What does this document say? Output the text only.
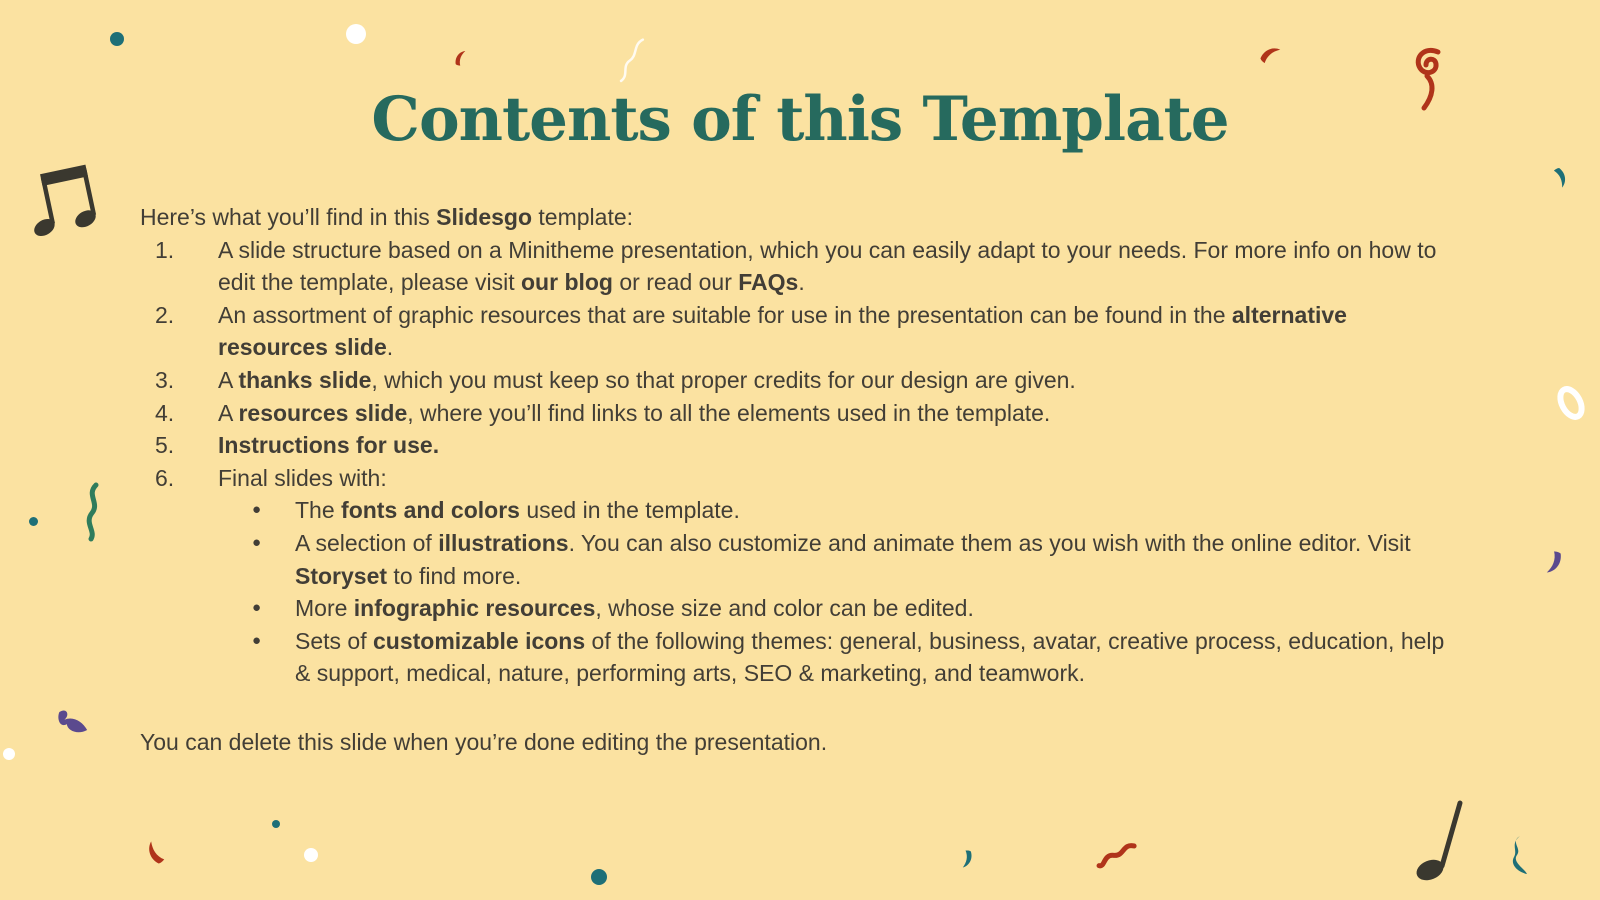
Contents of this Template

Here’s what you’ll find in this Slidesgo template:

1.	A slide structure based on a Minitheme presentation, which you can easily adapt to your needs. For more info on how to edit the template, please visit our blog or read our FAQs.
2.	An assortment of graphic resources that are suitable for use in the presentation can be found in the alternative resources slide.
3.	A thanks slide, which you must keep so that proper credits for our design are given.
4.	A resources slide, where you’ll find links to all the elements used in the template.
5.	Instructions for use.
6.	Final slides with:
●	The fonts and colors used in the template.
●	A selection of illustrations. You can also customize and animate them as you wish with the online editor. Visit Storyset to find more.
●	More infographic resources, whose size and color can be edited.
●	Sets of customizable icons of the following themes: general, business, avatar, creative process, education, help & support, medical, nature, performing arts, SEO & marketing, and teamwork.

You can delete this slide when you’re done editing the presentation.
